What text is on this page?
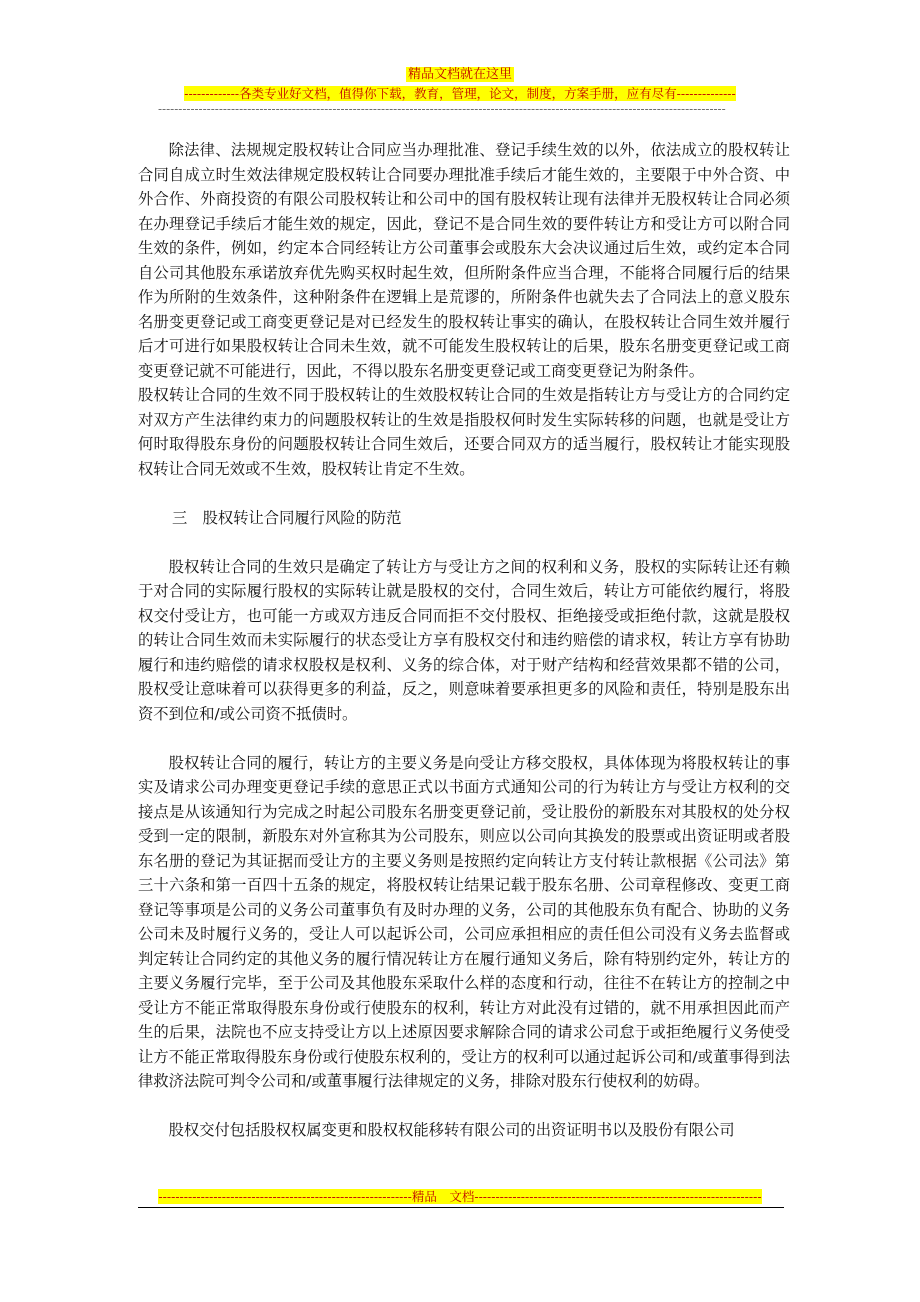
精品文档就在这里
-------------各类专业好文档，值得你下载，教育，管理，论文，制度，方案手册，应有尽有--------------
--------------------------------------------------------------------------------------------------------------------------------------------

除法律、法规规定股权转让合同应当办理批准、登记手续生效的以外，依法成立的股权转让合同自成立时生效法律规定股权转让合同要办理批准手续后才能生效的，主要限于中外合资、中外合作、外商投资的有限公司股权转让和公司中的国有股权转让现有法律并无股权转让合同必须在办理登记手续后才能生效的规定，因此，登记不是合同生效的要件转让方和受让方可以附合同生效的条件，例如，约定本合同经转让方公司董事会或股东大会决议通过后生效，或约定本合同自公司其他股东承诺放弃优先购买权时起生效，但所附条件应当合理，不能将合同履行后的结果作为所附的生效条件，这种附条件在逻辑上是荒谬的，所附条件也就失去了合同法上的意义股东名册变更登记或工商变更登记是对已经发生的股权转让事实的确认，在股权转让合同生效并履行后才可进行如果股权转让合同未生效，就不可能发生股权转让的后果，股东名册变更登记或工商变更登记就不可能进行，因此，不得以股东名册变更登记或工商变更登记为附条件。

股权转让合同的生效不同于股权转让的生效股权转让合同的生效是指转让方与受让方的合同约定对双方产生法律约束力的问题股权转让的生效是指股权何时发生实际转移的问题，也就是受让方何时取得股东身份的问题股权转让合同生效后，还要合同双方的适当履行，股权转让才能实现股权转让合同无效或不生效，股权转让肯定不生效。

三　股权转让合同履行风险的防范

股权转让合同的生效只是确定了转让方与受让方之间的权利和义务，股权的实际转让还有赖于对合同的实际履行股权的实际转让就是股权的交付，合同生效后，转让方可能依约履行，将股权交付受让方，也可能一方或双方违反合同而拒不交付股权、拒绝接受或拒绝付款，这就是股权的转让合同生效而未实际履行的状态受让方享有股权交付和违约赔偿的请求权，转让方享有协助履行和违约赔偿的请求权股权是权利、义务的综合体，对于财产结构和经营效果都不错的公司，股权受让意味着可以获得更多的利益，反之，则意味着要承担更多的风险和责任，特别是股东出资不到位和/或公司资不抵债时。

股权转让合同的履行，转让方的主要义务是向受让方移交股权，具体体现为将股权转让的事实及请求公司办理变更登记手续的意思正式以书面方式通知公司的行为转让方与受让方权利的交接点是从该通知行为完成之时起公司股东名册变更登记前，受让股份的新股东对其股权的处分权受到一定的限制，新股东对外宣称其为公司股东，则应以公司向其换发的股票或出资证明或者股东名册的登记为其证据而受让方的主要义务则是按照约定向转让方支付转让款根据《公司法》第三十六条和第一百四十五条的规定，将股权转让结果记载于股东名册、公司章程修改、变更工商登记等事项是公司的义务公司董事负有及时办理的义务，公司的其他股东负有配合、协助的义务公司未及时履行义务的，受让人可以起诉公司，公司应承担相应的责任但公司没有义务去监督或判定转让合同约定的其他义务的履行情况转让方在履行通知义务后，除有特别约定外，转让方的主要义务履行完毕，至于公司及其他股东采取什么样的态度和行动，往往不在转让方的控制之中受让方不能正常取得股东身份或行使股东的权利，转让方对此没有过错的，就不用承担因此而产生的后果，法院也不应支持受让方以上述原因要求解除合同的请求公司怠于或拒绝履行义务使受让方不能正常取得股东身份或行使股东权利的，受让方的权利可以通过起诉公司和/或董事得到法律救济法院可判令公司和/或董事履行法律规定的义务，排除对股东行使权利的妨碍。

股权交付包括股权权属变更和股权权能移转有限公司的出资证明书以及股份有限公司

------------------------------------------------------------精品　文档--------------------------------------------------------------------
